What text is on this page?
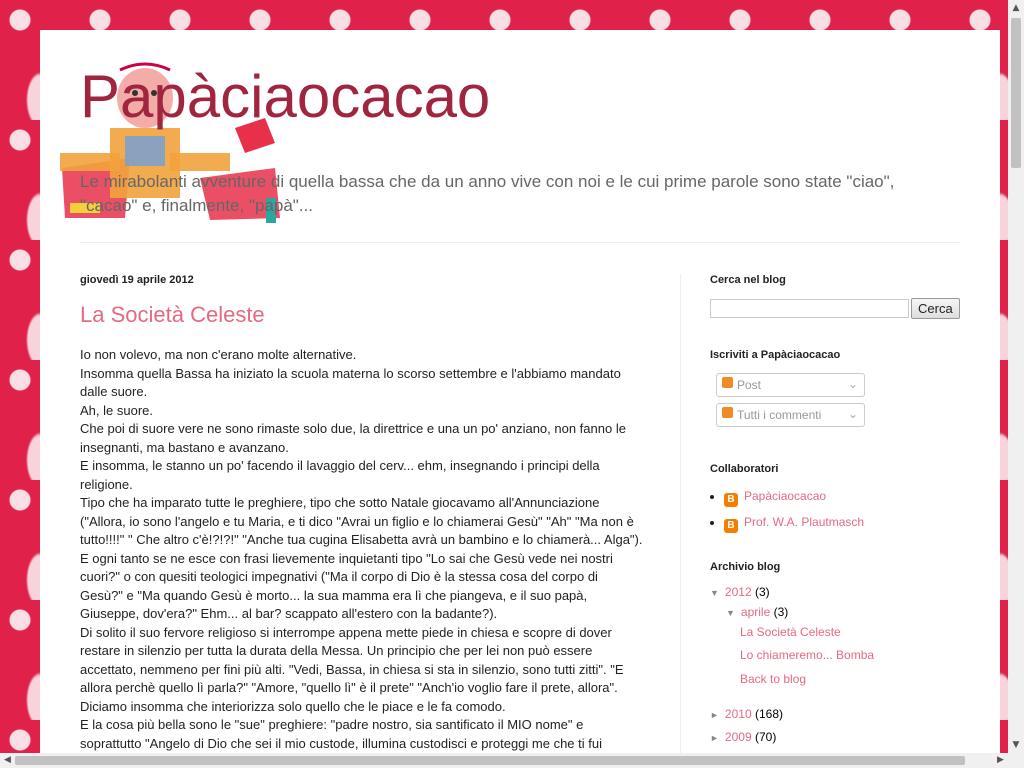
Papàciaocacao

Le mirabolanti avventure di quella bassa che da un anno vive con noi e le cui prime parole sono state "ciao", "cacao" e, finalmente, "papà"...

giovedì 19 aprile 2012
La Società Celeste

Io non volevo, ma non c'erano molte alternative.

Insomma quella Bassa ha iniziato la scuola materna lo scorso settembre e l'abbiamo mandato dalle suore.

Ah, le suore.

Che poi di suore vere ne sono rimaste solo due, la direttrice e una un po' anziano, non fanno le insegnanti, ma bastano e avanzano.

E insomma, le stanno un po' facendo il lavaggio del cerv... ehm, insegnando i principi della religione.

Tipo che ha imparato tutte le preghiere, tipo che sotto Natale giocavamo all'Annunciazione ("Allora, io sono l'angelo e tu Maria, e ti dico "Avrai un figlio e lo chiamerai Gesù" "Ah" "Ma non è tutto!!!!" " Che altro c'è!?!?!" "Anche tua cugina Elisabetta avrà un bambino e lo chiamerà... Alga"). E ogni tanto se ne esce con frasi lievemente inquietanti tipo "Lo sai che Gesù vede nei nostri cuori?" o con quesiti teologici impegnativi ("Ma il corpo di Dio è la stessa cosa del corpo di Gesù?" e "Ma quando Gesù è morto... la sua mamma era lì che piangeva, e il suo papà, Giuseppe, dov'era?" Ehm... al bar? scappato all'estero con la badante?).

Di solito il suo fervore religioso si interrompe appena mette piede in chiesa e scopre di dover restare in silenzio per tutta la durata della Messa. Un principio che per lei non può essere accettato, nemmeno per fini più alti. "Vedi, Bassa, in chiesa si sta in silenzio, sono tutti zitti". "E allora perchè quello lì parla?" "Amore, "quello lì" è il prete" "Anch'io voglio fare il prete, allora".

Diciamo insomma che interiorizza solo quello che le piace e le fa comodo.

E la cosa più bella sono le "sue" preghiere: "padre nostro, sia santificato il MIO nome" e soprattutto "Angelo di Dio che sei il mio custode, illumina custodisci e proteggi me che ti fui

Cerca nel blog
Cerca
Iscriviti a Papàciaocacao
Post	⌄
Tutti i commenti ⌄
Collaboratori
• B Papàciaocacao
• B Prof. W.A. Plautmasch
Archivio blog
▼ 2012 (3)
▼ aprile (3)
La Società Celeste
Lo chiameremo... Bomba
Back to blog
► 2010 (168)
► 2009 (70)
▲
▼
◀	▶
